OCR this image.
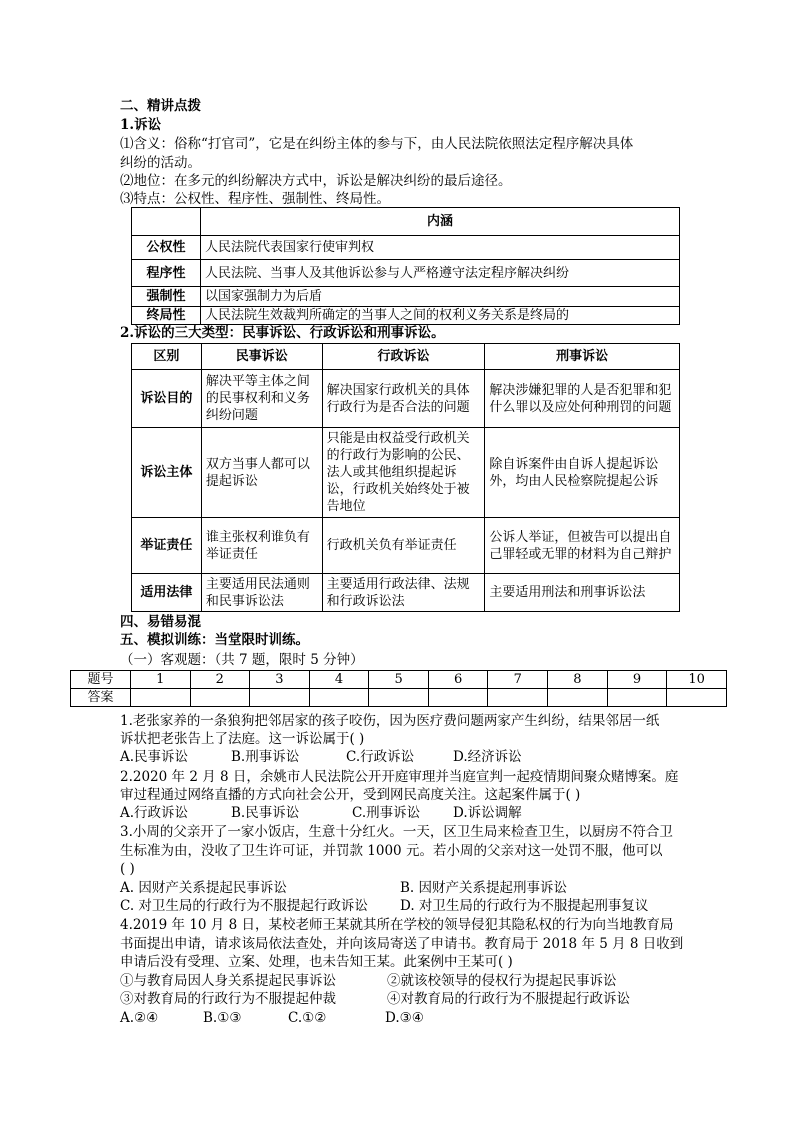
二、精讲点拨
1.诉讼
⑴含义：俗称“打官司”，它是在纠纷主体的参与下，由人民法院依照法定程序解决具体
纠纷的活动。
⑵地位：在多元的纠纷解决方式中，诉讼是解决纠纷的最后途径。
⑶特点：公权性、程序性、强制性、终局性。
	内涵
公权性	人民法院代表国家行使审判权
程序性	人民法院、当事人及其他诉讼参与人严格遵守法定程序解决纠纷
强制性	以国家强制力为后盾
终局性	人民法院生效裁判所确定的当事人之间的权利义务关系是终局的
2.诉讼的三大类型：民事诉讼、行政诉讼和刑事诉讼。
区别	民事诉讼	行政诉讼	刑事诉讼
诉讼目的	解决平等主体之间的民事权利和义务纠纷问题	解决国家行政机关的具体行政行为是否合法的问题	解决涉嫌犯罪的人是否犯罪和犯什么罪以及应处何种刑罚的问题
诉讼主体	双方当事人都可以提起诉讼	只能是由权益受行政机关的行政行为影响的公民、法人或其他组织提起诉讼，行政机关始终处于被告地位	除自诉案件由自诉人提起诉讼外，均由人民检察院提起公诉
举证责任	谁主张权利谁负有举证责任	行政机关负有举证责任	公诉人举证，但被告可以提出自己罪轻或无罪的材料为自己辩护
适用法律	主要适用民法通则和民事诉讼法	主要适用行政法律、法规和行政诉讼法	主要适用刑法和刑事诉讼法
四、易错易混
五、模拟训练：当堂限时训练。
（一）客观题：（共 7 题，限时 5 分钟）
题号	1	2	3	4	5	6	7	8	9	10
答案										
1.老张家养的一条狼狗把邻居家的孩子咬伤，因为医疗费问题两家产生纠纷，结果邻居一纸
诉状把老张告上了法庭。这一诉讼属于( )
A.民事诉讼	B.刑事诉讼	C.行政诉讼	D.经济诉讼
2.2020 年 2 月 8 日，余姚市人民法院公开开庭审理并当庭宣判一起疫情期间聚众赌博案。庭
审过程通过网络直播的方式向社会公开，受到网民高度关注。这起案件属于( )
A.行政诉讼	B.民事诉讼	C.刑事诉讼 D.诉讼调解
3.小周的父亲开了一家小饭店，生意十分红火。一天，区卫生局来检查卫生，以厨房不符合卫
生标准为由，没收了卫生许可证，并罚款 1000 元。若小周的父亲对这一处罚不服，他可以
( )
A. 因财产关系提起民事诉讼	B. 因财产关系提起刑事诉讼
C. 对卫生局的行政行为不服提起行政诉讼 D. 对卫生局的行政行为不服提起刑事复议
4.2019 年 10 月 8 日，某校老师王某就其所在学校的领导侵犯其隐私权的行为向当地教育局
书面提出申请，请求该局依法查处，并向该局寄送了申请书。教育局于 2018 年 5 月 8 日收到
申请后没有受理、立案、处理，也未告知王某。此案例中王某可( )
①与教育局因人身关系提起民事诉讼	②就该校领导的侵权行为提起民事诉讼
③对教育局的行政行为不服提起仲裁	④对教育局的行政行为不服提起行政诉讼
A.②④	B.①③	C.①②	D.③④
